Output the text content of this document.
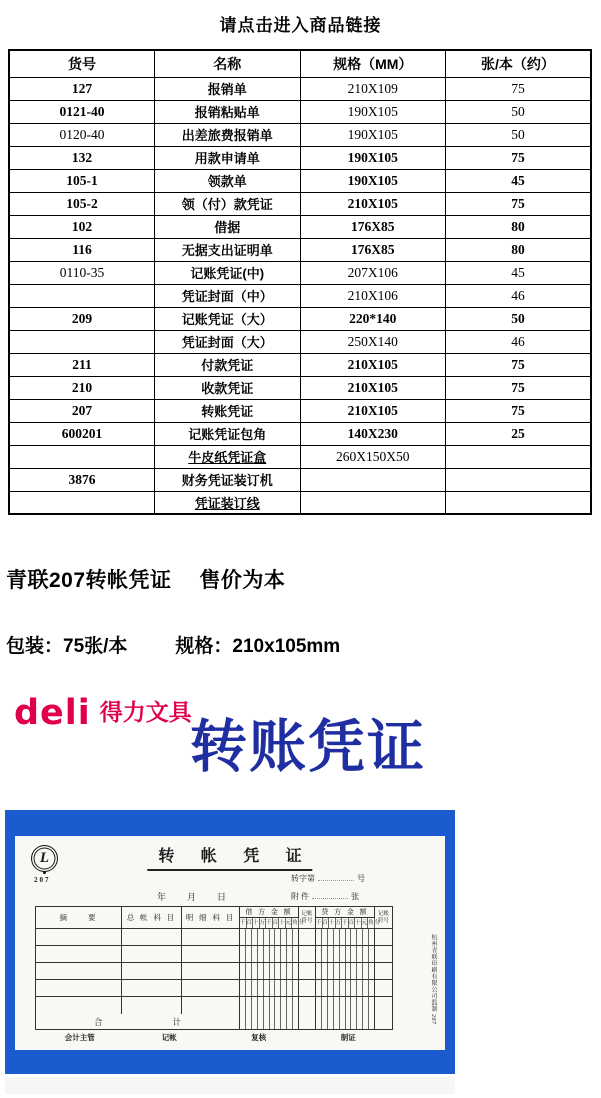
请点击进入商品链接
货号	名称	规格（MM）	张/本（约）
127	报销单	210X109	75
0121-40	报销粘贴单	190X105	50
0120-40	出差旅费报销单	190X105	50
132	用款申请单	190X105	75
105-1	领款单	190X105	45
105-2	领（付）款凭证	210X105	75
102	借据	176X85	80
116	无据支出证明单	176X85	80
0110-35	记账凭证(中)	207X106	45
	凭证封面（中）	210X106	46
209	记账凭证（大）	220*140	50
	凭证封面（大）	250X140	46
211	付款凭证	210X105	75
210	收款凭证	210X105	75
207	转账凭证	210X105	75
600201	记账凭证包角	140X230	25
	牛皮纸凭证盒	260X150X50	
3876	财务凭证装订机		
	凭证装订线		
青联207转帐凭证　 售价为本
包装：75张/本	规格：210x105mm
deli 得力文具
转账凭证
L
207
转 帐 凭 证
转字第	号
附 件	张
年　月　日
摘　　要	总 帐 科 目	明 细 科 目
借 方 金 额
千 百 十 万 千 百 十 元 角 分
记帐
符号
贷 方 金 额
千 百 十 万 千 百 十 元 角 分
记帐
符号
合	计
会计主管	记帐	复核	制证
杭州青联印刷有限公司监制 207
